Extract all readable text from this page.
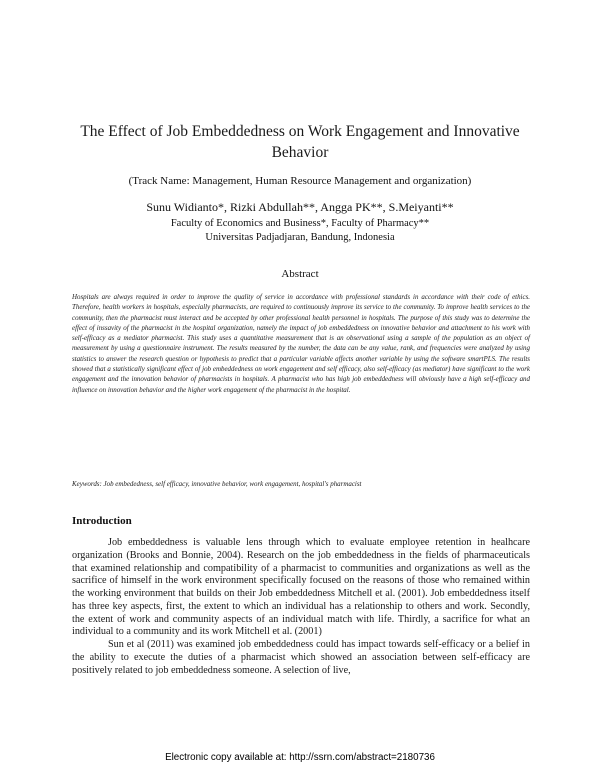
The Effect of Job Embeddedness on Work Engagement and Innovative Behavior
(Track Name: Management, Human Resource Management and organization)
Sunu Widianto*, Rizki Abdullah**, Angga PK**, S.Meiyanti**
Faculty of Economics and Business*, Faculty of Pharmacy**
Universitas Padjadjaran, Bandung, Indonesia
Abstract
Hospitals are always required in order to improve the quality of service in accordance with professional standards in accordance with their code of ethics. Therefore, health workers in hospitals, especially pharmacists, are required to continuously improve its service to the community. To improve health services to the community, then the pharmacist must interact and be accepted by other professional health personnel in hospitals. The purpose of this study was to determine the effect of inssavity of the pharmacist in the hospital organization, namely the impact of job embeddedness on innovative behavior and attachment to his work with self-efficacy as a mediator pharmacist. This study uses a quantitative measurement that is an observational using a sample of the population as an object of measurement by using a questionnaire instrument. The results measured by the number, the data can be any value, rank, and frequencies were analyzed by using statistics to answer the research question or hypothesis to predict that a particular variable affects another variable by using the software smartPLS. The results showed that a statistically significant effect of job embeddedness on work engagement and self efficacy, also self-efficacy (as mediator) have significant to the work engagement and the innovation behavior of pharmacists in hospitals. A pharmacist who has high job embeddedness will obviously have a high self-efficacy and influence on innovation behavior and the higher work engagement of the pharmacist in the hospital.
Keywords: Job embededness, self efficacy, innovative behavior, work engagement, hospital's pharmacist
Introduction

Job embeddedness is valuable lens through which to evaluate employee retention in healhcare organization (Brooks and Bonnie, 2004). Research on the job embeddedness in the fields of pharmaceuticals that examined relationship and compatibility of a pharmacist to communities and organizations as well as the sacrifice of himself in the work environment specifically focused on the reasons of those who remained within the working environment that builds on their Job embeddedness Mitchell et al. (2001). Job embeddedness itself has three key aspects, first, the extent to which an individual has a relationship to others and work. Secondly, the extent of work and community aspects of an individual match with life. Thirdly, a sacrifice for what an individual to a community and its work Mitchell et al. (2001)

Sun et al (2011) was examined job embeddedness could has impact towards self-efficacy or a belief in the ability to execute the duties of a pharmacist which showed an association between self-efficacy are positively related to job embeddedness someone. A selection of live,

Electronic copy available at: http://ssrn.com/abstract=2180736
